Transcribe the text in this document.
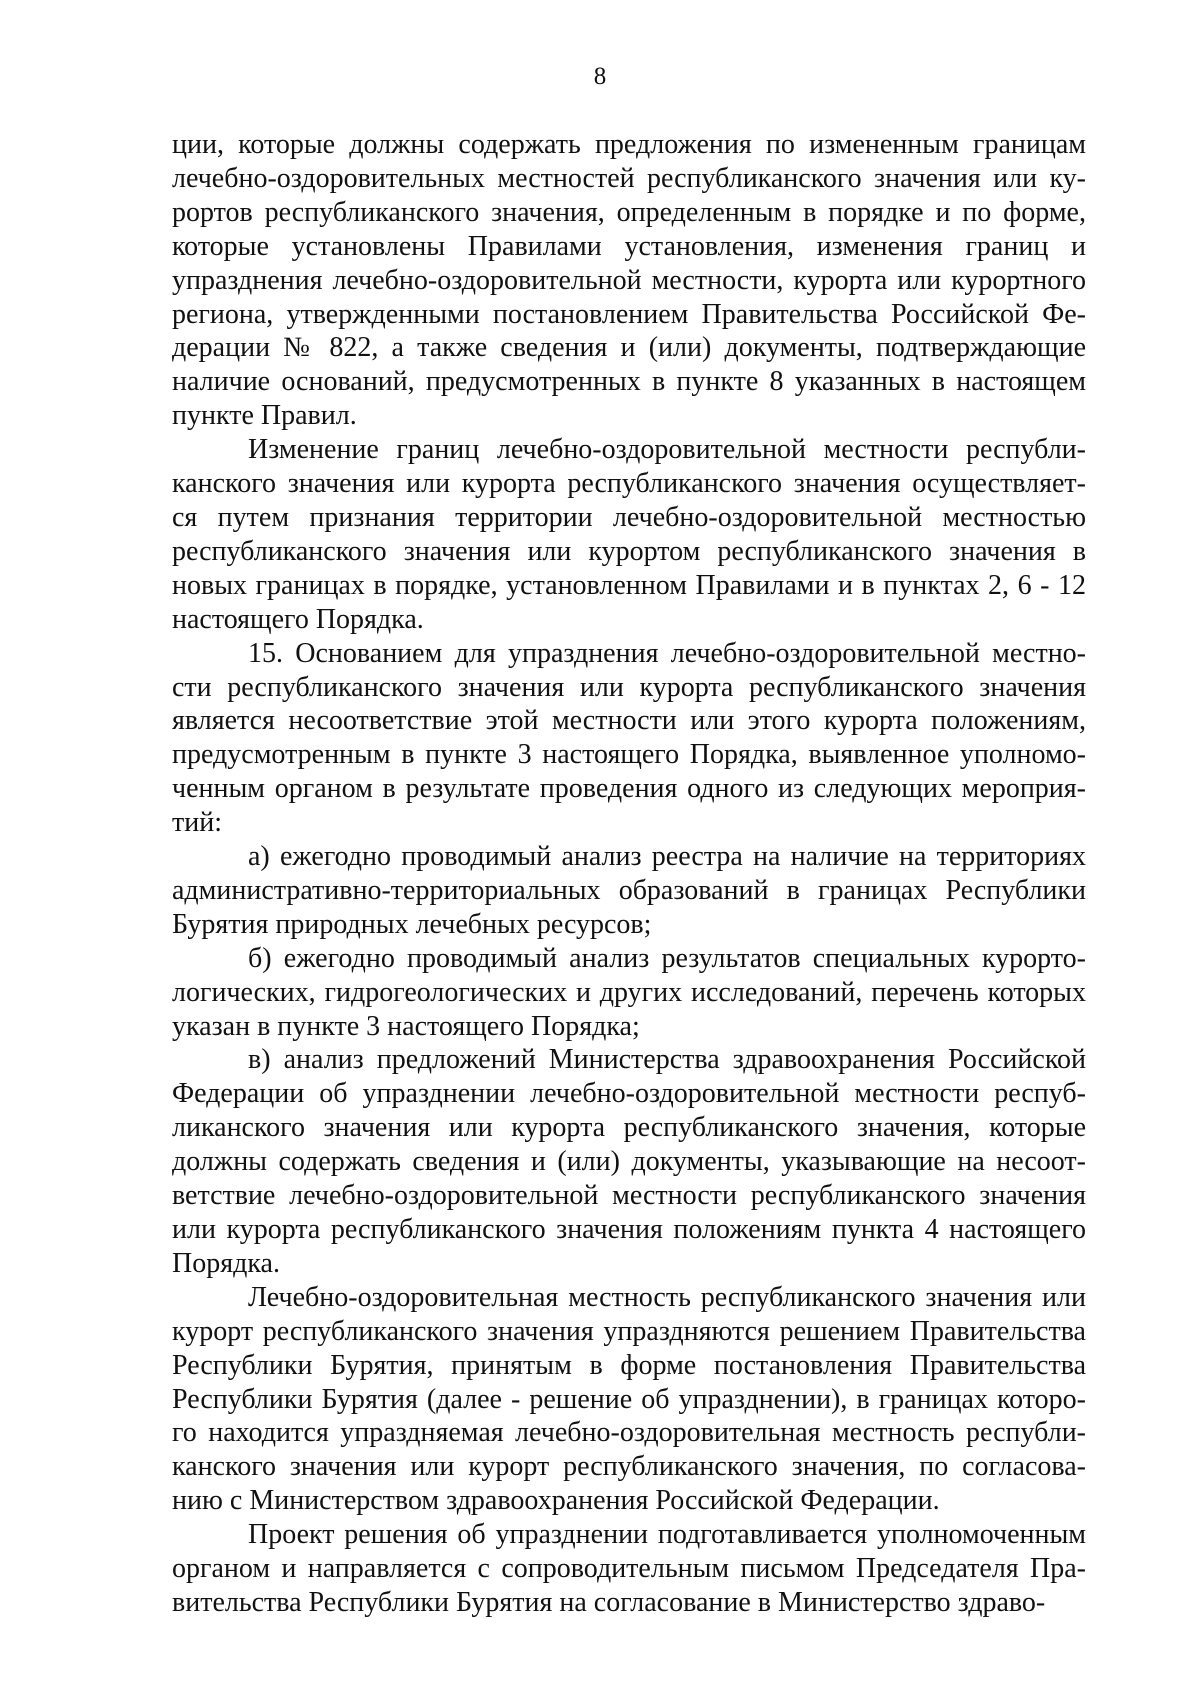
8
ции, которые должны содержать предложения по измененным границам
лечебно-оздоровительных местностей республиканского значения или ку-
рортов республиканского значения, определенным в порядке и по форме,
которые установлены Правилами установления, изменения границ и
упразднения лечебно-оздоровительной местности, курорта или курортного
региона, утвержденными постановлением Правительства Российской Фе-
дерации № 822, а также сведения и (или) документы, подтверждающие
наличие оснований, предусмотренных в пункте 8 указанных в настоящем
пункте Правил.
Изменение границ лечебно-оздоровительной местности республи-
канского значения или курорта республиканского значения осуществляет-
ся путем признания территории лечебно-оздоровительной местностью
республиканского значения или курортом республиканского значения в
новых границах в порядке, установленном Правилами и в пунктах 2, 6 - 12
настоящего Порядка.
15. Основанием для упразднения лечебно-оздоровительной местно-
сти республиканского значения или курорта республиканского значения
является несоответствие этой местности или этого курорта положениям,
предусмотренным в пункте 3 настоящего Порядка, выявленное уполномо-
ченным органом в результате проведения одного из следующих мероприя-
тий:
а) ежегодно проводимый анализ реестра на наличие на территориях
административно-территориальных образований в границах Республики
Бурятия природных лечебных ресурсов;
б) ежегодно проводимый анализ результатов специальных курорто-
логических, гидрогеологических и других исследований, перечень которых
указан в пункте 3 настоящего Порядка;
в) анализ предложений Министерства здравоохранения Российской
Федерации об упразднении лечебно-оздоровительной местности респуб-
ликанского значения или курорта республиканского значения, которые
должны содержать сведения и (или) документы, указывающие на несоот-
ветствие лечебно-оздоровительной местности республиканского значения
или курорта республиканского значения положениям пункта 4 настоящего
Порядка.
Лечебно-оздоровительная местность республиканского значения или
курорт республиканского значения упраздняются решением Правительства
Республики Бурятия, принятым в форме постановления Правительства
Республики Бурятия (далее - решение об упразднении), в границах которо-
го находится упраздняемая лечебно-оздоровительная местность республи-
канского значения или курорт республиканского значения, по согласова-
нию с Министерством здравоохранения Российской Федерации.
Проект решения об упразднении подготавливается уполномоченным
органом и направляется с сопроводительным письмом Председателя Пра-
вительства Республики Бурятия на согласование в Министерство здраво-
